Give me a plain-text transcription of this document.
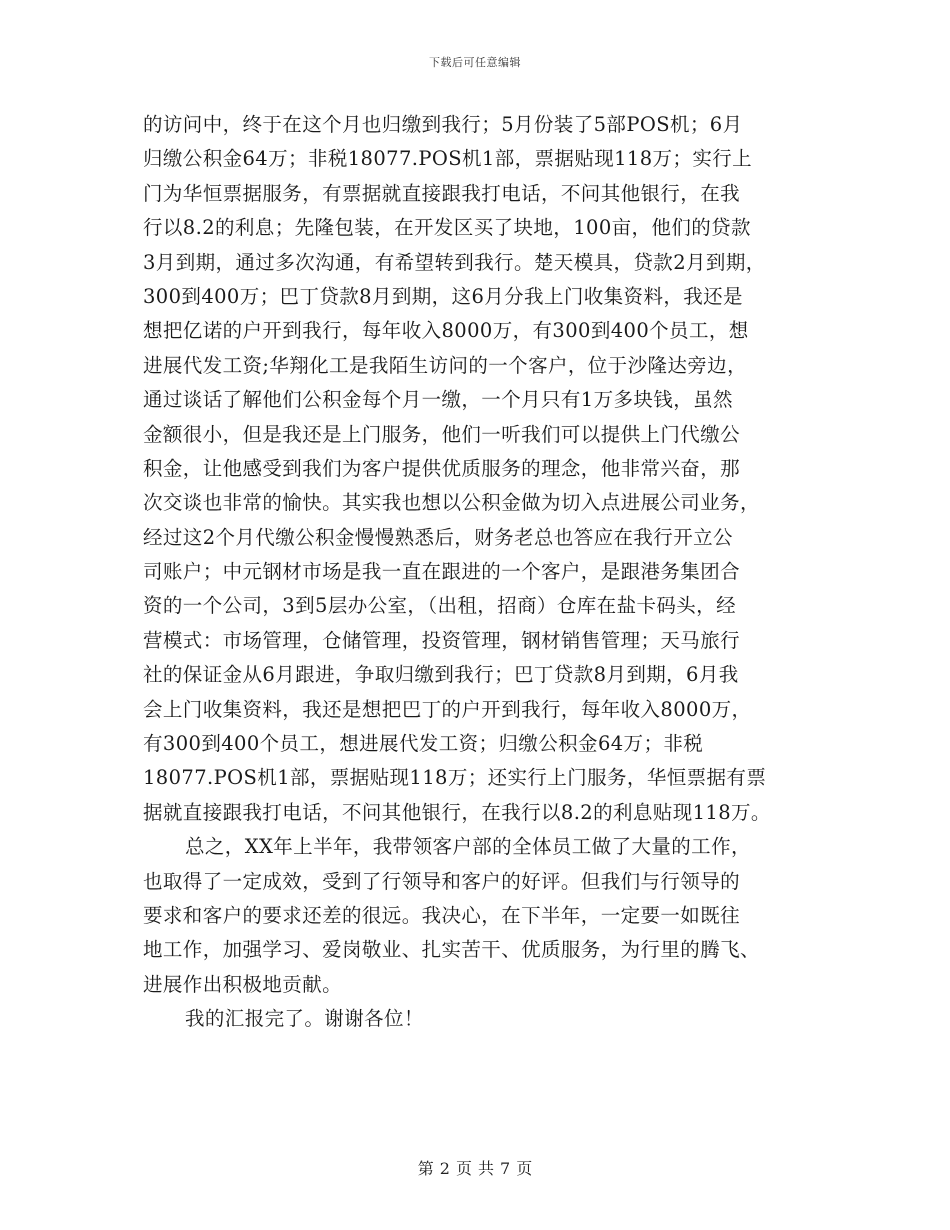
下载后可任意编辑
的访问中，终于在这个月也归缴到我行；5月份装了5部POS机；6月
归缴公积金64万；非税18077.POS机1部，票据贴现118万；实行上
门为华恒票据服务，有票据就直接跟我打电话，不问其他银行，在我
行以8.2的利息；先隆包装，在开发区买了块地，100亩，他们的贷款
3月到期，通过多次沟通，有希望转到我行。楚天模具，贷款2月到期，
300到400万；巴丁贷款8月到期，这6月分我上门收集资料，我还是
想把亿诺的户开到我行，每年收入8000万，有300到400个员工，想
进展代发工资;华翔化工是我陌生访问的一个客户，位于沙隆达旁边，
通过谈话了解他们公积金每个月一缴，一个月只有1万多块钱，虽然
金额很小，但是我还是上门服务，他们一听我们可以提供上门代缴公
积金，让他感受到我们为客户提供优质服务的理念，他非常兴奋，那
次交谈也非常的愉快。其实我也想以公积金做为切入点进展公司业务，
经过这2个月代缴公积金慢慢熟悉后，财务老总也答应在我行开立公
司账户；中元钢材市场是我一直在跟进的一个客户，是跟港务集团合
资的一个公司，3到5层办公室，（出租，招商）仓库在盐卡码头，经
营模式：市场管理，仓储管理，投资管理，钢材销售管理；天马旅行
社的保证金从6月跟进，争取归缴到我行；巴丁贷款8月到期，6月我
会上门收集资料，我还是想把巴丁的户开到我行，每年收入8000万，
有300到400个员工，想进展代发工资；归缴公积金64万；非税
18077.POS机1部，票据贴现118万；还实行上门服务，华恒票据有票
据就直接跟我打电话，不问其他银行，在我行以8.2的利息贴现118万。
总之，XX年上半年，我带领客户部的全体员工做了大量的工作，
也取得了一定成效，受到了行领导和客户的好评。但我们与行领导的
要求和客户的要求还差的很远。我决心，在下半年，一定要一如既往
地工作，加强学习、爱岗敬业、扎实苦干、优质服务，为行里的腾飞、
进展作出积极地贡献。
我的汇报完了。谢谢各位！
第 2 页 共 7 页
